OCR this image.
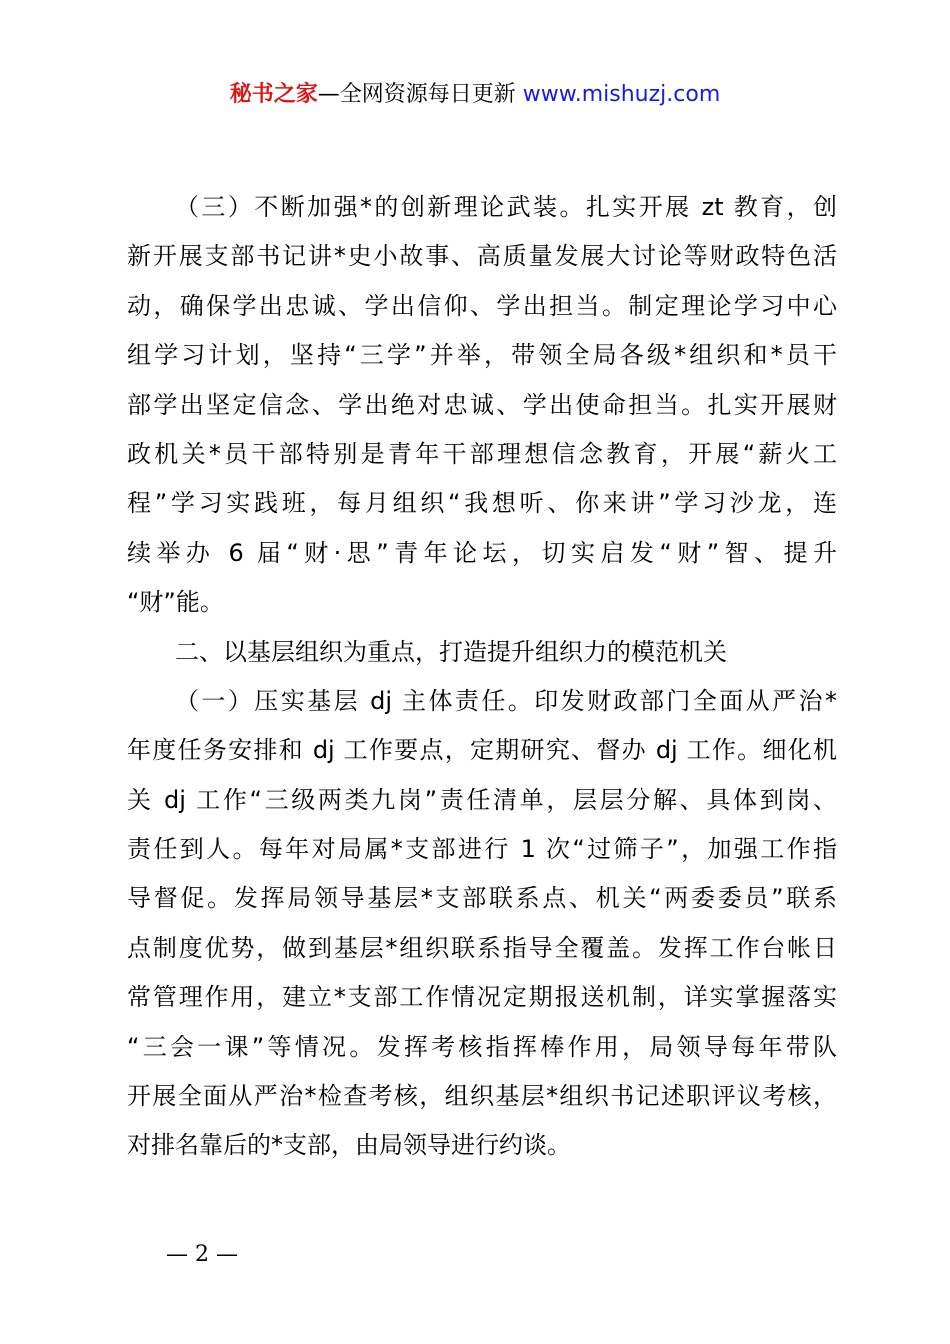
秘书之家—全网资源每日更新 www.mishuzj.com
（三）不断加强*的创新理论武装。扎实开展 zt 教育，创
新开展支部书记讲*史小故事、高质量发展大讨论等财政特色活
动，确保学出忠诚、学出信仰、学出担当。制定理论学习中心
组学习计划，坚持“三学”并举，带领全局各级*组织和*员干
部学出坚定信念、学出绝对忠诚、学出使命担当。扎实开展财
政机关*员干部特别是青年干部理想信念教育，开展“薪火工
程”学习实践班，每月组织“我想听、你来讲”学习沙龙，连
续举办 6 届“财·思”青年论坛，切实启发“财”智、提升
“财”能。
二、以基层组织为重点，打造提升组织力的模范机关
（一）压实基层 dj 主体责任。印发财政部门全面从严治*
年度任务安排和 dj 工作要点，定期研究、督办 dj 工作。细化机
关 dj 工作“三级两类九岗”责任清单，层层分解、具体到岗、
责任到人。每年对局属*支部进行 1 次“过筛子”，加强工作指
导督促。发挥局领导基层*支部联系点、机关“两委委员”联系
点制度优势，做到基层*组织联系指导全覆盖。发挥工作台帐日
常管理作用，建立*支部工作情况定期报送机制，详实掌握落实
“三会一课”等情况。发挥考核指挥棒作用，局领导每年带队
开展全面从严治*检查考核，组织基层*组织书记述职评议考核，
对排名靠后的*支部，由局领导进行约谈。
— 2 —
